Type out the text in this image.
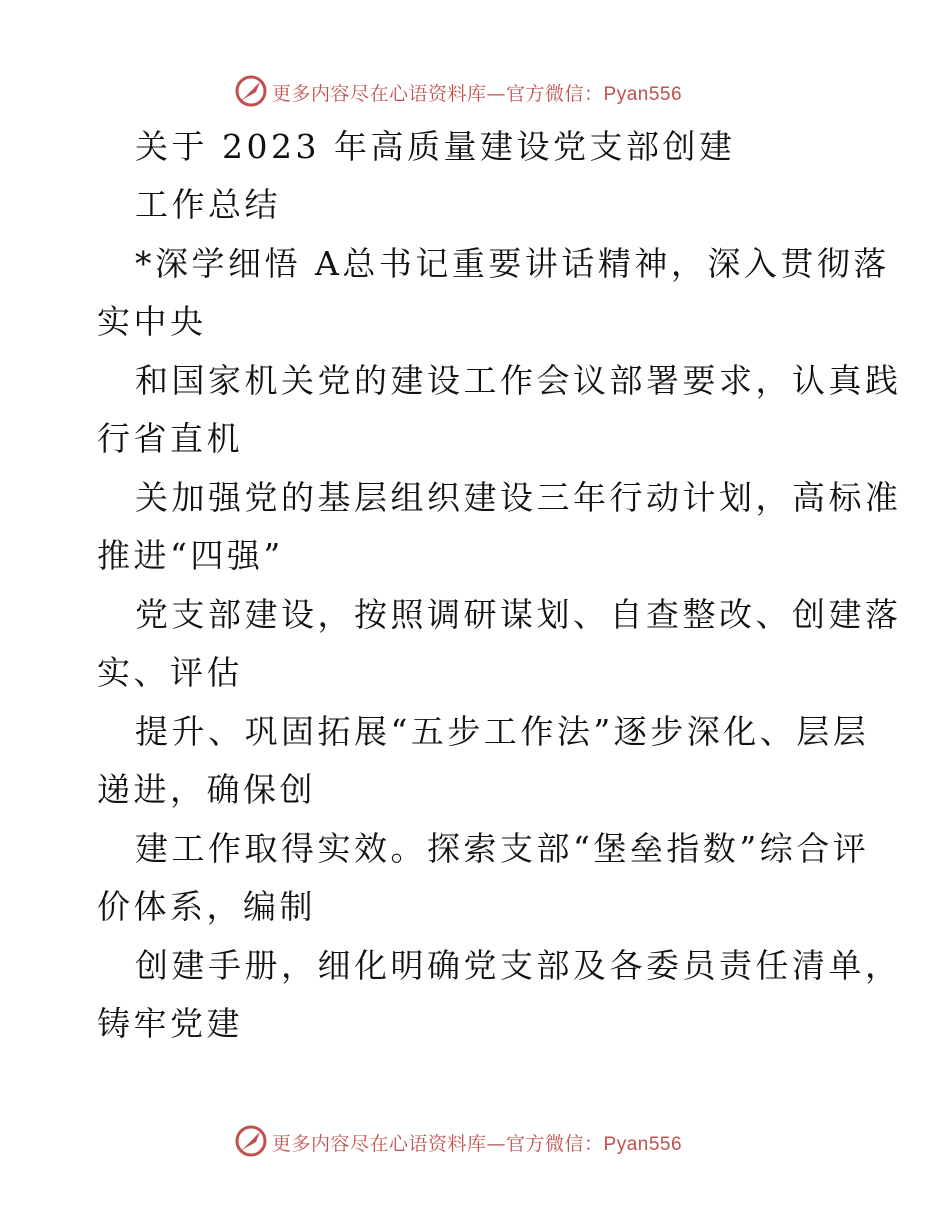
更多内容尽在心语资料库—官方微信：Pyan556
关于 2023 年高质量建设党支部创建
工作总结
*深学细悟 A总书记重要讲话精神，深入贯彻落
实中央
和国家机关党的建设工作会议部署要求，认真践
行省直机
关加强党的基层组织建设三年行动计划，高标准
推进“四强”
党支部建设，按照调研谋划、自查整改、创建落
实、评估
提升、巩固拓展“五步工作法”逐步深化、层层
递进，确保创
建工作取得实效。探索支部“堡垒指数”综合评
价体系，编制
创建手册，细化明确党支部及各委员责任清单，
铸牢党建
更多内容尽在心语资料库—官方微信：Pyan556
